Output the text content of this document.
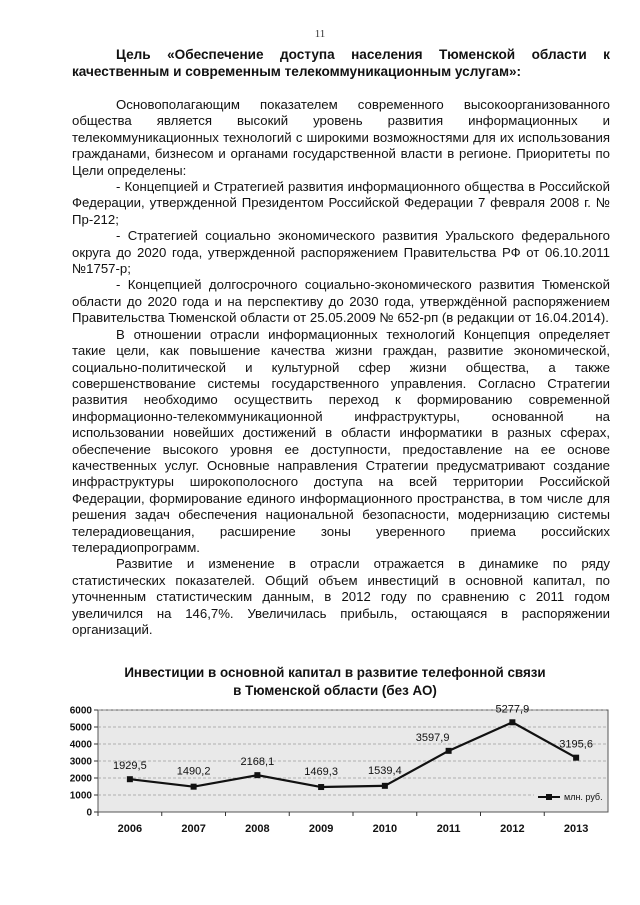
11

Цель «Обеспечение доступа населения Тюменской области к качественным и современным телекоммуникационным услугам»:

Основополагающим показателем современного высокоорганизованного общества является высокий уровень развития информационных и телекоммуникационных технологий с широкими возможностями для их использования гражданами, бизнесом и органами государственной власти в регионе. Приоритеты по Цели определены:

- Концепцией и Стратегией развития информационного общества в Российской Федерации, утвержденной Президентом Российской Федерации 7 февраля 2008 г. № Пр-212;

- Стратегией социально экономического развития Уральского федерального округа до 2020 года, утвержденной распоряжением Правительства РФ от 06.10.2011 №1757-р;

- Концепцией долгосрочного социально-экономического развития Тюменской области до 2020 года и на перспективу до 2030 года, утверждённой распоряжением Правительства Тюменской области от 25.05.2009 № 652-рп (в редакции от 16.04.2014).

В отношении отрасли информационных технологий Концепция определяет такие цели, как повышение качества жизни граждан, развитие экономической, социально-политической и культурной сфер жизни общества, а также совершенствование системы государственного управления. Согласно Стратегии развития необходимо осуществить переход к формированию современной информационно-телекоммуникационной инфраструктуры, основанной на использовании новейших достижений в области информатики в разных сферах, обеспечение высокого уровня ее доступности, предоставление на ее основе качественных услуг. Основные направления Стратегии предусматривают создание инфраструктуры широкополосного доступа на всей территории Российской Федерации, формирование единого информационного пространства, в том числе для решения задач обеспечения национальной безопасности, модернизацию системы телерадиовещания, расширение зоны уверенного приема российских телерадиопрограмм.

Развитие и изменение в отрасли отражается в динамике по ряду статистических показателей. Общий объем инвестиций в основной капитал, по уточненным статистическим данным, в 2012 году по сравнению с 2011 годом увеличился на 146,7%. Увеличилась прибыль, остающаяся в распоряжении организаций.

Инвестиции в основной капитал в развитие телефонной связи
в Тюменской области (без АО)
0
1000
2000
3000
4000
5000
6000
2006	2007	2008	2009	2010	2011	2012	2013
1929,5	1490,2
2168,1
1469,3	1539,4
3597,9
5277,9
3195,6
млн. руб.
